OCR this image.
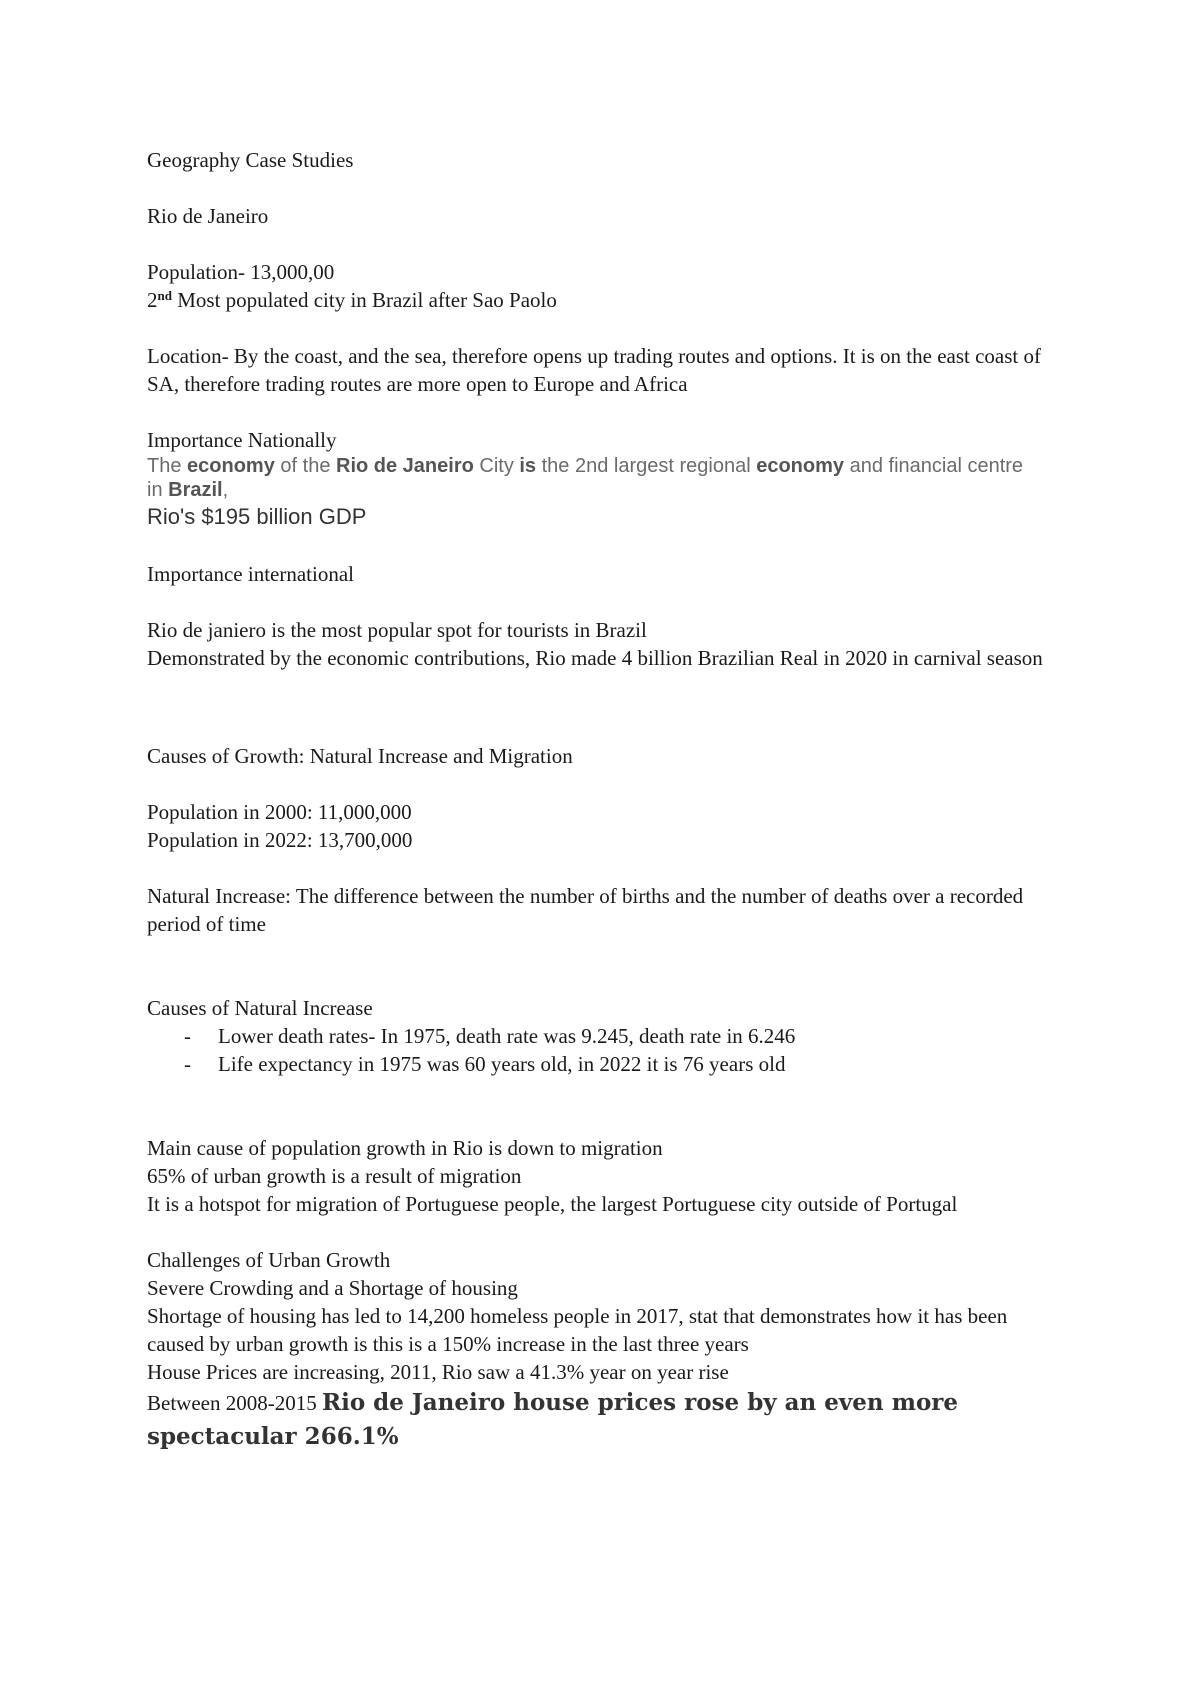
Geography Case Studies
Rio de Janeiro
Population- 13,000,00
2nd Most populated city in Brazil after Sao Paolo
Location- By the coast, and the sea, therefore opens up trading routes and options. It is on the east coast of SA, therefore trading routes are more open to Europe and Africa
Importance Nationally
The economy of the Rio de Janeiro City is the 2nd largest regional economy and financial centre in Brazil,
Rio's $195 billion GDP
Importance international
Rio de janiero is the most popular spot for tourists in Brazil
Demonstrated by the economic contributions, Rio made 4 billion Brazilian Real in 2020 in carnival season
Causes of Growth: Natural Increase and Migration
Population in 2000: 11,000,000
Population in 2022: 13,700,000
Natural Increase: The difference between the number of births and the number of deaths over a recorded period of time
Causes of Natural Increase
- Lower death rates- In 1975, death rate was 9.245, death rate in 6.246
- Life expectancy in 1975 was 60 years old, in 2022 it is 76 years old
Main cause of population growth in Rio is down to migration
65% of urban growth is a result of migration
It is a hotspot for migration of Portuguese people, the largest Portuguese city outside of Portugal
Challenges of Urban Growth
Severe Crowding and a Shortage of housing
Shortage of housing has led to 14,200 homeless people in 2017, stat that demonstrates how it has been caused by urban growth is this is a 150% increase in the last three years
House Prices are increasing, 2011, Rio saw a 41.3% year on year rise
Between 2008-2015 Rio de Janeiro house prices rose by an even more spectacular 266.1%
